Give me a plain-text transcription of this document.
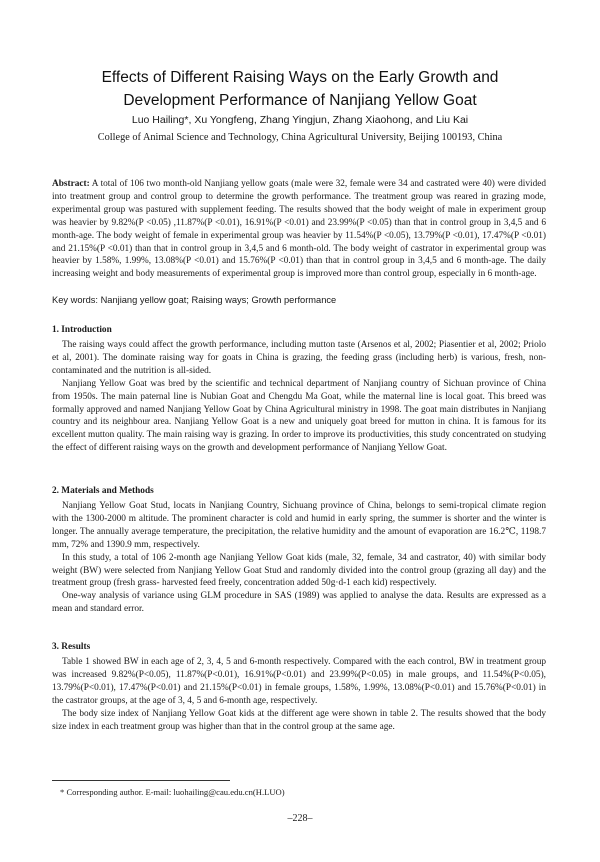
Effects of Different Raising Ways on the Early Growth and
Development Performance of Nanjiang Yellow Goat
Luo Hailing*, Xu Yongfeng, Zhang Yingjun, Zhang Xiaohong, and Liu Kai
College of Animal Science and Technology, China Agricultural University, Beijing 100193, China
Abstract: A total of 106 two month-old Nanjiang yellow goats (male were 32, female were 34 and castrated were 40) were divided into treatment group and control group to determine the growth performance. The treatment group was reared in grazing mode, experimental group was pastured with supplement feeding. The results showed that the body weight of male in experiment group was heavier by 9.82%(P <0.05) ,11.87%(P <0.01), 16.91%(P <0.01) and 23.99%(P <0.05) than that in control group in 3,4,5 and 6 month-age. The body weight of female in experimental group was heavier by 11.54%(P <0.05), 13.79%(P <0.01), 17.47%(P <0.01) and 21.15%(P <0.01) than that in control group in 3,4,5 and 6 month-old. The body weight of castrator in experimental group was heavier by 1.58%, 1.99%, 13.08%(P <0.01) and 15.76%(P <0.01) than that in control group in 3,4,5 and 6 month-age. The daily increasing weight and body measurements of experimental group is improved more than control group, especially in 6 month-age.
Key words: Nanjiang yellow goat; Raising ways; Growth performance
1. Introduction

The raising ways could affect the growth performance, including mutton taste (Arsenos et al, 2002; Piasentier et al, 2002; Priolo et al, 2001). The dominate raising way for goats in China is grazing, the feeding grass (including herb) is various, fresh, non-contaminated and the nutrition is all-sided.

Nanjiang Yellow Goat was bred by the scientific and technical department of Nanjiang country of Sichuan province of China from 1950s. The main paternal line is Nubian Goat and Chengdu Ma Goat, while the maternal line is local goat. This breed was formally approved and named Nanjiang Yellow Goat by China Agricultural ministry in 1998. The goat main distributes in Nanjiang country and its neighbour area. Nanjiang Yellow Goat is a new and uniquely goat breed for mutton in china. It is famous for its excellent mutton quality. The main raising way is grazing. In order to improve its productivities, this study concentrated on studying the effect of different raising ways on the growth and development performance of Nanjiang Yellow Goat.

2. Materials and Methods

Nanjiang Yellow Goat Stud, locats in Nanjiang Country, Sichuang province of China, belongs to semi-tropical climate region with the 1300-2000 m altitude. The prominent character is cold and humid in early spring, the summer is shorter and the winter is longer. The annually average temperature, the precipitation, the relative humidity and the amount of evaporation are 16.2℃, 1198.7 mm, 72% and 1390.9 mm, respectively.

In this study, a total of 106 2-month age Nanjiang Yellow Goat kids (male, 32, female, 34 and castrator, 40) with similar body weight (BW) were selected from Nanjiang Yellow Goat Stud and randomly divided into the control group (grazing all day) and the treatment group (fresh grass- harvested feed freely, concentration added 50g·d-1 each kid) respectively.

One-way analysis of variance using GLM procedure in SAS (1989) was applied to analyse the data. Results are expressed as a mean and standard error.

3. Results

Table 1 showed BW in each age of 2, 3, 4, 5 and 6-month respectively. Compared with the each control, BW in treatment group was increased 9.82%(P<0.05), 11.87%(P<0.01), 16.91%(P<0.01) and 23.99%(P<0.05) in male groups, and 11.54%(P<0.05), 13.79%(P<0.01), 17.47%(P<0.01) and 21.15%(P<0.01) in female groups, 1.58%, 1.99%, 13.08%(P<0.01) and 15.76%(P<0.01) in the castrator groups, at the age of 3, 4, 5 and 6-month age, respectively.

The body size index of Nanjiang Yellow Goat kids at the different age were shown in table 2. The results showed that the body size index in each treatment group was higher than that in the control group at the same age.

* Corresponding author. E-mail: luohailing@cau.edu.cn(H.LUO)
–228–
